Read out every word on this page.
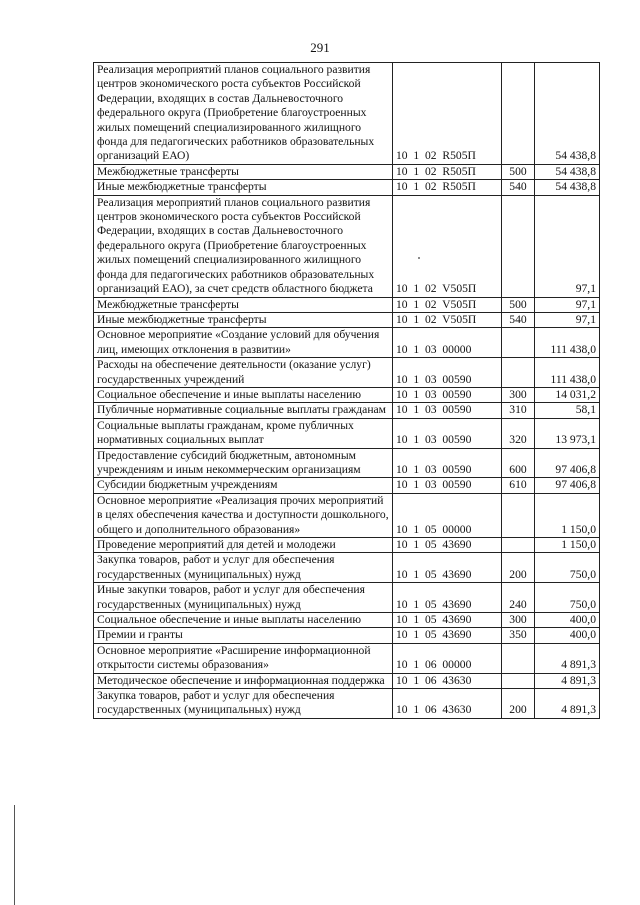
291
Реализация мероприятий планов социального развития центров экономического роста субъектов Российской Федерации, входящих в состав Дальневосточного федерального округа (Приобретение благоустроенных жилых помещений специализированного жилищного фонда для педагогических работников образовательных организаций ЕАО)	10  1  02  R505П		54 438,8
Межбюджетные трансферты	10  1  02  R505П	500	54 438,8
Иные межбюджетные трансферты	10  1  02  R505П	540	54 438,8
Реализация мероприятий планов социального развития центров экономического роста субъектов Российской Федерации, входящих в состав Дальневосточного федерального округа (Приобретение благоустроенных жилых помещений специализированного жилищного фонда для педагогических работников образовательных организаций ЕАО), за счет средств областного бюджета	10  1  02  V505П		97,1
Межбюджетные трансферты	10  1  02  V505П	500	97,1
Иные межбюджетные трансферты	10  1  02  V505П	540	97,1
Основное мероприятие «Создание условий для обучения лиц, имеющих отклонения в развитии»	10  1  03  00000		111 438,0
Расходы на обеспечение деятельности (оказание услуг) государственных учреждений	10  1  03  00590		111 438,0
Социальное обеспечение и иные выплаты населению	10  1  03  00590	300	14 031,2
Публичные нормативные социальные выплаты гражданам	10  1  03  00590	310	58,1
Социальные выплаты гражданам, кроме публичных нормативных социальных выплат	10  1  03  00590	320	13 973,1
Предоставление субсидий бюджетным, автономным учреждениям и иным некоммерческим организациям	10  1  03  00590	600	97 406,8
Субсидии бюджетным учреждениям	10  1  03  00590	610	97 406,8
Основное мероприятие «Реализация прочих мероприятий в целях обеспечения качества и доступности дошкольного, общего и дополнительного образования»	10  1  05  00000		1 150,0
Проведение мероприятий для детей и молодежи	10  1  05  43690		1 150,0
Закупка товаров, работ и услуг для обеспечения государственных (муниципальных) нужд	10  1  05  43690	200	750,0
Иные закупки товаров, работ и услуг для обеспечения государственных (муниципальных) нужд	10  1  05  43690	240	750,0
Социальное обеспечение и иные выплаты населению	10  1  05  43690	300	400,0
Премии и гранты	10  1  05  43690	350	400,0
Основное мероприятие «Расширение информационной открытости системы образования»	10  1  06  00000		4 891,3
Методическое обеспечение и информационная поддержка	10  1  06  43630		4 891,3
Закупка товаров, работ и услуг для обеспечения государственных (муниципальных) нужд	10  1  06  43630	200	4 891,3
